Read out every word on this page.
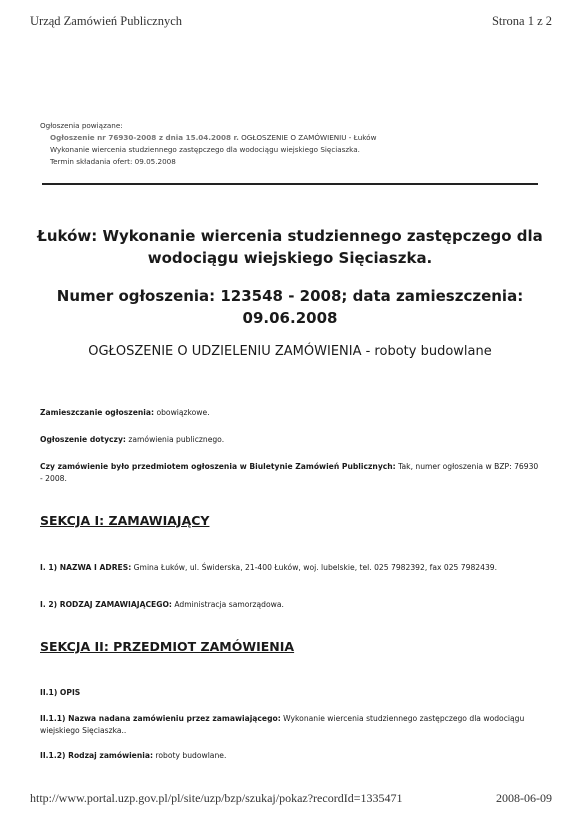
Urząd Zamówień Publicznych	Strona 1 z 2
Ogłoszenia powiązane:
Ogłoszenie nr 76930-2008 z dnia 15.04.2008 r. OGŁOSZENIE O ZAMÓWIENIU - Łuków
Wykonanie wiercenia studziennego zastępczego dla wodociągu wiejskiego Sięciaszka.
Termin składania ofert: 09.05.2008
Łuków: Wykonanie wiercenia studziennego zastępczego dla
wodociągu wiejskiego Sięciaszka.
Numer ogłoszenia: 123548 - 2008; data zamieszczenia:
09.06.2008
OGŁOSZENIE O UDZIELENIU ZAMÓWIENIA - roboty budowlane
Zamieszczanie ogłoszenia: obowiązkowe.
Ogłoszenie dotyczy: zamówienia publicznego.
Czy zamówienie było przedmiotem ogłoszenia w Biuletynie Zamówień Publicznych: Tak, numer ogłoszenia w BZP: 76930 - 2008.
SEKCJA I: ZAMAWIAJĄCY
I. 1) NAZWA I ADRES: Gmina Łuków, ul. Świderska, 21-400 Łuków, woj. lubelskie, tel. 025 7982392, fax 025 7982439.
I. 2) RODZAJ ZAMAWIAJĄCEGO: Administracja samorządowa.
SEKCJA II: PRZEDMIOT ZAMÓWIENIA
II.1) OPIS
II.1.1) Nazwa nadana zamówieniu przez zamawiającego: Wykonanie wiercenia studziennego zastępczego dla wodociągu wiejskiego Sięciaszka..
II.1.2) Rodzaj zamówienia: roboty budowlane.
http://www.portal.uzp.gov.pl/pl/site/uzp/bzp/szukaj/pokaz?recordId=1335471	2008-06-09
